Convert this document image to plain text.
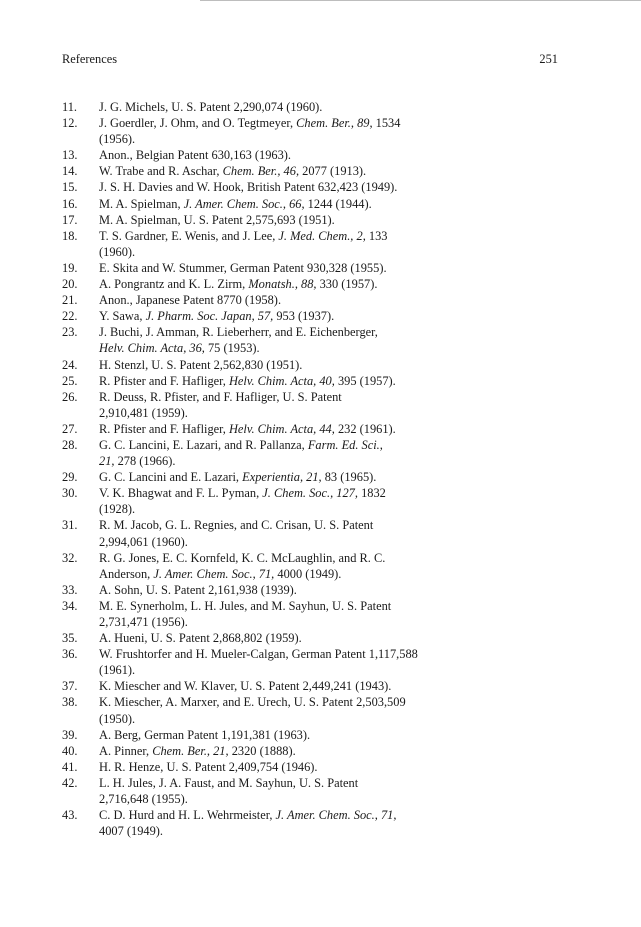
References	251
11. J. G. Michels, U. S. Patent 2,290,074 (1960).
12. J. Goerdler, J. Ohm, and O. Tegtmeyer, Chem. Ber., 89, 1534
(1956).
13. Anon., Belgian Patent 630,163 (1963).
14. W. Trabe and R. Aschar, Chem. Ber., 46, 2077 (1913).
15. J. S. H. Davies and W. Hook, British Patent 632,423 (1949).
16. M. A. Spielman, J. Amer. Chem. Soc., 66, 1244 (1944).
17. M. A. Spielman, U. S. Patent 2,575,693 (1951).
18. T. S. Gardner, E. Wenis, and J. Lee, J. Med. Chem., 2, 133
(1960).
19. E. Skita and W. Stummer, German Patent 930,328 (1955).
20. A. Pongrantz and K. L. Zirm, Monatsh., 88, 330 (1957).
21. Anon., Japanese Patent 8770 (1958).
22. Y. Sawa, J. Pharm. Soc. Japan, 57, 953 (1937).
23. J. Buchi, J. Amman, R. Lieberherr, and E. Eichenberger,
Helv. Chim. Acta, 36, 75 (1953).
24. H. Stenzl, U. S. Patent 2,562,830 (1951).
25. R. Pfister and F. Hafliger, Helv. Chim. Acta, 40, 395 (1957).
26. R. Deuss, R. Pfister, and F. Hafliger, U. S. Patent
2,910,481 (1959).
27. R. Pfister and F. Hafliger, Helv. Chim. Acta, 44, 232 (1961).
28. G. C. Lancini, E. Lazari, and R. Pallanza, Farm. Ed. Sci.,
21, 278 (1966).
29. G. C. Lancini and E. Lazari, Experientia, 21, 83 (1965).
30. V. K. Bhagwat and F. L. Pyman, J. Chem. Soc., 127, 1832
(1928).
31. R. M. Jacob, G. L. Regnies, and C. Crisan, U. S. Patent
2,994,061 (1960).
32. R. G. Jones, E. C. Kornfeld, K. C. McLaughlin, and R. C.
Anderson, J. Amer. Chem. Soc., 71, 4000 (1949).
33. A. Sohn, U. S. Patent 2,161,938 (1939).
34. M. E. Synerholm, L. H. Jules, and M. Sayhun, U. S. Patent
2,731,471 (1956).
35. A. Hueni, U. S. Patent 2,868,802 (1959).
36. W. Frushtorfer and H. Mueler-Calgan, German Patent 1,117,588
(1961).
37. K. Miescher and W. Klaver, U. S. Patent 2,449,241 (1943).
38. K. Miescher, A. Marxer, and E. Urech, U. S. Patent 2,503,509
(1950).
39. A. Berg, German Patent 1,191,381 (1963).
40. A. Pinner, Chem. Ber., 21, 2320 (1888).
41. H. R. Henze, U. S. Patent 2,409,754 (1946).
42. L. H. Jules, J. A. Faust, and M. Sayhun, U. S. Patent
2,716,648 (1955).
43. C. D. Hurd and H. L. Wehrmeister, J. Amer. Chem. Soc., 71,
4007 (1949).
